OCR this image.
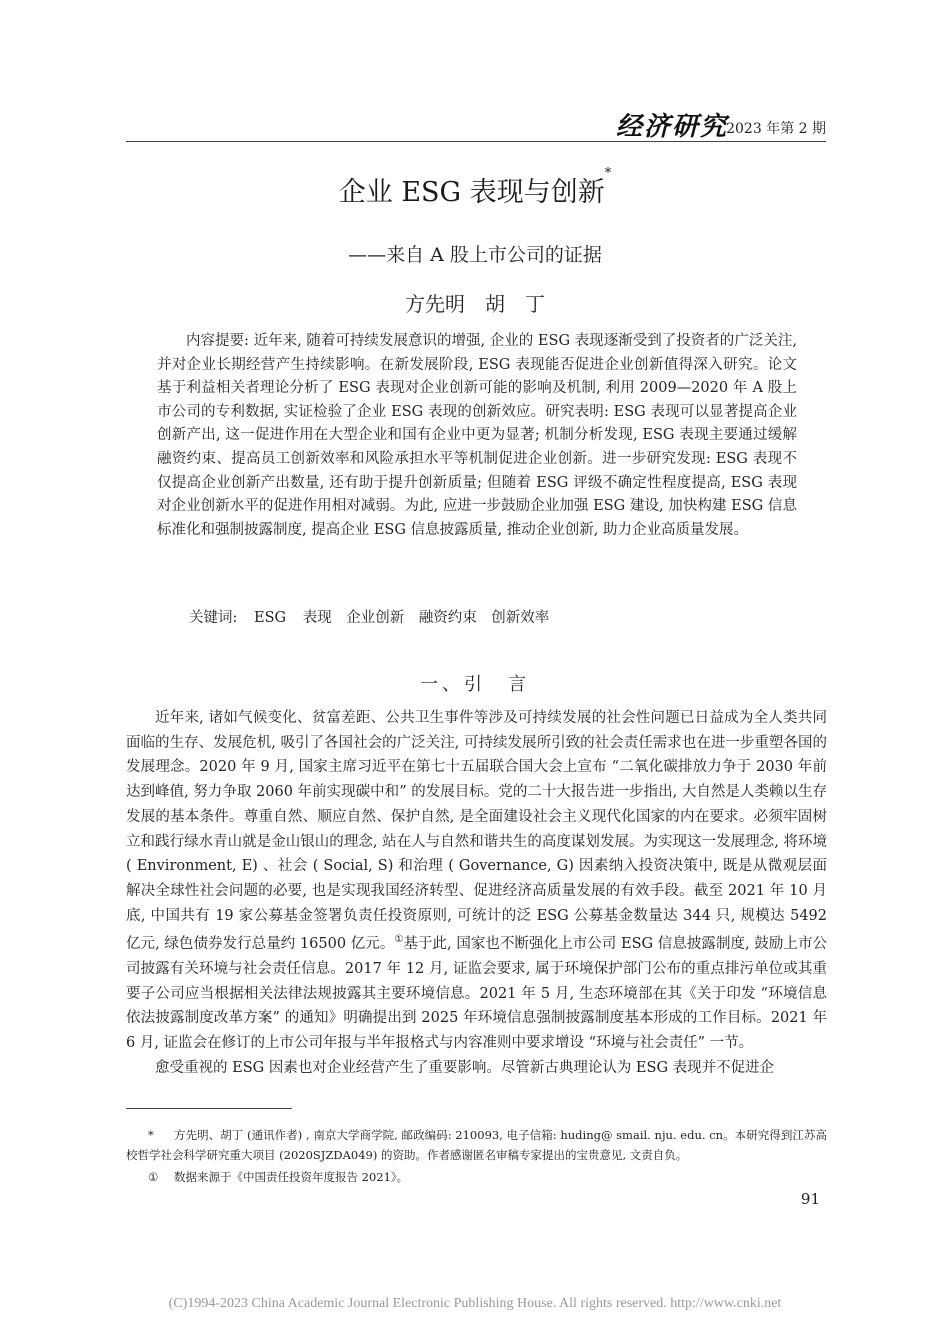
经济研究
2023 年第 2 期
企业 ESG 表现与创新*
——来自 A 股上市公司的证据
方先明　胡　丁

内容提要: 近年来, 随着可持续发展意识的增强, 企业的 ESG 表现逐渐受到了投资者的广泛关注, 并对企业长期经营产生持续影响。在新发展阶段, ESG 表现能否促进企业创新值得深入研究。论文基于利益相关者理论分析了 ESG 表现对企业创新可能的影响及机制, 利用 2009—2020 年 A 股上市公司的专利数据, 实证检验了企业 ESG 表现的创新效应。研究表明: ESG 表现可以显著提高企业创新产出, 这一促进作用在大型企业和国有企业中更为显著; 机制分析发现, ESG 表现主要通过缓解融资约束、提高员工创新效率和风险承担水平等机制促进企业创新。进一步研究发现: ESG 表现不仅提高企业创新产出数量, 还有助于提升创新质量; 但随着 ESG 评级不确定性程度提高, ESG 表现对企业创新水平的促进作用相对减弱。为此, 应进一步鼓励企业加强 ESG 建设, 加快构建 ESG 信息标准化和强制披露制度, 提高企业 ESG 信息披露质量, 推动企业创新, 助力企业高质量发展。

关键词: ESG 表现　企业创新　融资约束　创新效率
一、引　言

近年来, 诸如气候变化、贫富差距、公共卫生事件等涉及可持续发展的社会性问题已日益成为全人类共同面临的生存、发展危机, 吸引了各国社会的广泛关注, 可持续发展所引致的社会责任需求也在进一步重塑各国的发展理念。2020 年 9 月, 国家主席习近平在第七十五届联合国大会上宣布 “二氧化碳排放力争于 2030 年前达到峰值, 努力争取 2060 年前实现碳中和” 的发展目标。党的二十大报告进一步指出, 大自然是人类赖以生存发展的基本条件。尊重自然、顺应自然、保护自然, 是全面建设社会主义现代化国家的内在要求。必须牢固树立和践行绿水青山就是金山银山的理念, 站在人与自然和谐共生的高度谋划发展。为实现这一发展理念, 将环境 ( Environment, E) 、社会 ( Social, S) 和治理 ( Governance, G) 因素纳入投资决策中, 既是从微观层面解决全球性社会问题的必要, 也是实现我国经济转型、促进经济高质量发展的有效手段。截至 2021 年 10 月底, 中国共有 19 家公募基金签署负责任投资原则, 可统计的泛 ESG 公募基金数量达 344 只, 规模达 5492 亿元, 绿色债券发行总量约 16500 亿元。①基于此, 国家也不断强化上市公司 ESG 信息披露制度, 鼓励上市公司披露有关环境与社会责任信息。2017 年 12 月, 证监会要求, 属于环境保护部门公布的重点排污单位或其重要子公司应当根据相关法律法规披露其主要环境信息。2021 年 5 月, 生态环境部在其《关于印发 “环境信息依法披露制度改革方案” 的通知》明确提出到 2025 年环境信息强制披露制度基本形成的工作目标。2021 年 6 月, 证监会在修订的上市公司年报与半年报格式与内容准则中要求增设 “环境与社会责任” 一节。

愈受重视的 ESG 因素也对企业经营产生了重要影响。尽管新古典理论认为 ESG 表现并不促进企

* 方先明、胡丁 (通讯作者) , 南京大学商学院, 邮政编码: 210093, 电子信箱: huding@ smail. nju. edu. cn。本研究得到江苏高校哲学社会科学研究重大项目 (2020SJZDA049) 的资助。作者感谢匿名审稿专家提出的宝贵意见, 文责自负。

① 数据来源于《中国责任投资年度报告 2021》。

91
(C)1994-2023 China Academic Journal Electronic Publishing House. All rights reserved. http://www.cnki.net
